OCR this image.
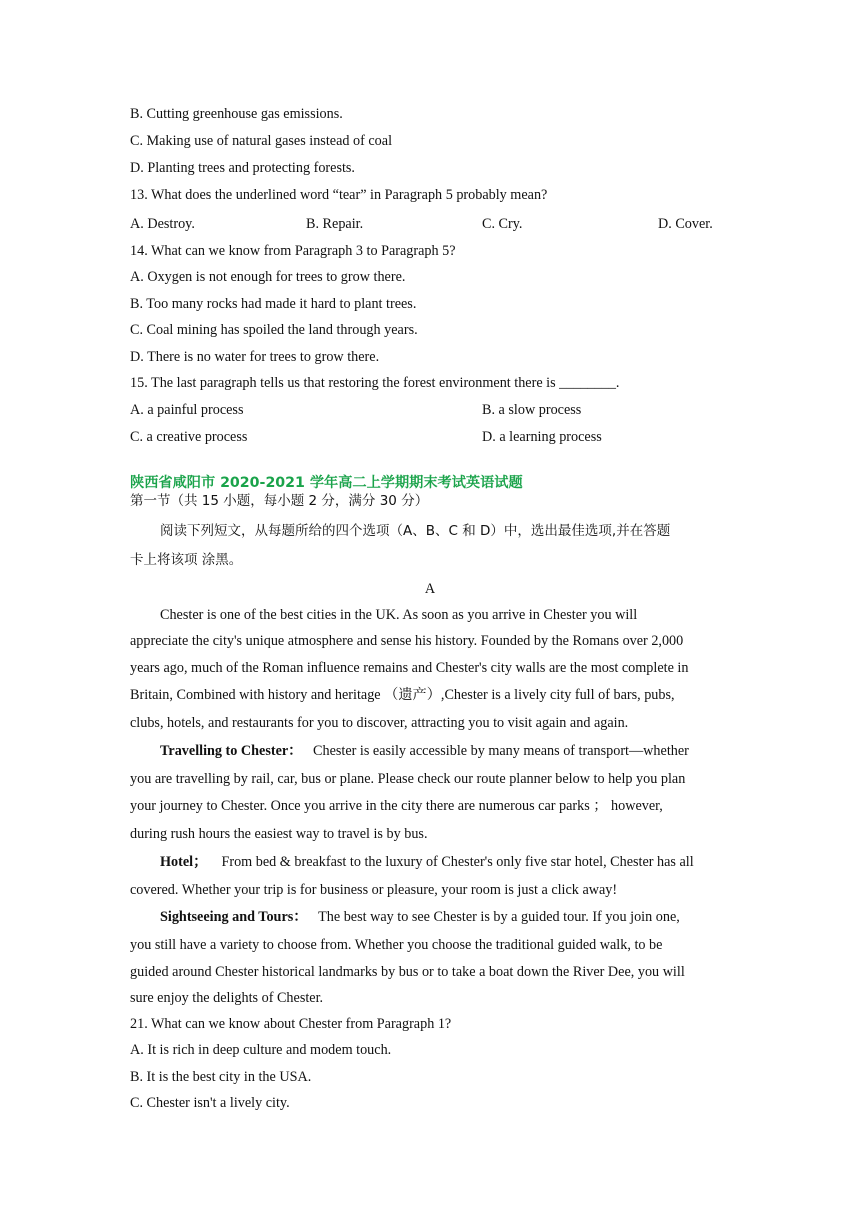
B. Cutting greenhouse gas emissions.
C. Making use of natural gases instead of coal
D. Planting trees and protecting forests.
13. What does the underlined word “tear” in Paragraph 5 probably mean?
A. Destroy.	B. Repair.	C. Cry.	D. Cover.
14. What can we know from Paragraph 3 to Paragraph 5?
A. Oxygen is not enough for trees to grow there.
B. Too many rocks had made it hard to plant trees.
C. Coal mining has spoiled the land through years.
D. There is no water for trees to grow there.
15. The last paragraph tells us that restoring the forest environment there is ________.
A. a painful process	B. a slow process
C. a creative process	D. a learning process
陕西省咸阳市 2020-2021 学年高二上学期期末考试英语试题
第一节（共 15 小题，每小题 2 分，满分 30 分）
阅读下列短文，从每题所给的四个选项（A、B、C 和 D）中，选出最佳选项,并在答题
卡上将该项 涂黑。
A
Chester is one of the best cities in the UK. As soon as you arrive in Chester you will
appreciate the city's unique atmosphere and sense his history. Founded by the Romans over 2,000
years ago, much of the Roman influence remains and Chester's city walls are the most complete in
Britain, Combined with history and heritage （遗产）,Chester is a lively city full of bars, pubs,
clubs, hotels, and restaurants for you to discover, attracting you to visit again and again.
Travelling to Chester： Chester is easily accessible by many means of transport—whether
you are travelling by rail, car, bus or plane. Please check our route planner below to help you plan
your journey to Chester. Once you arrive in the city there are numerous car parks ； however,
during rush hours the easiest way to travel is by bus.
Hotel； From bed & breakfast to the luxury of Chester's only five star hotel, Chester has all
covered. Whether your trip is for business or pleasure, your room is just a click away!
Sightseeing and Tours： The best way to see Chester is by a guided tour. If you join one,
you still have a variety to choose from. Whether you choose the traditional guided walk, to be
guided around Chester historical landmarks by bus or to take a boat down the River Dee, you will
sure enjoy the delights of Chester.
21. What can we know about Chester from Paragraph 1?
A. It is rich in deep culture and modem touch.
B. It is the best city in the USA.
C. Chester isn't a lively city.
